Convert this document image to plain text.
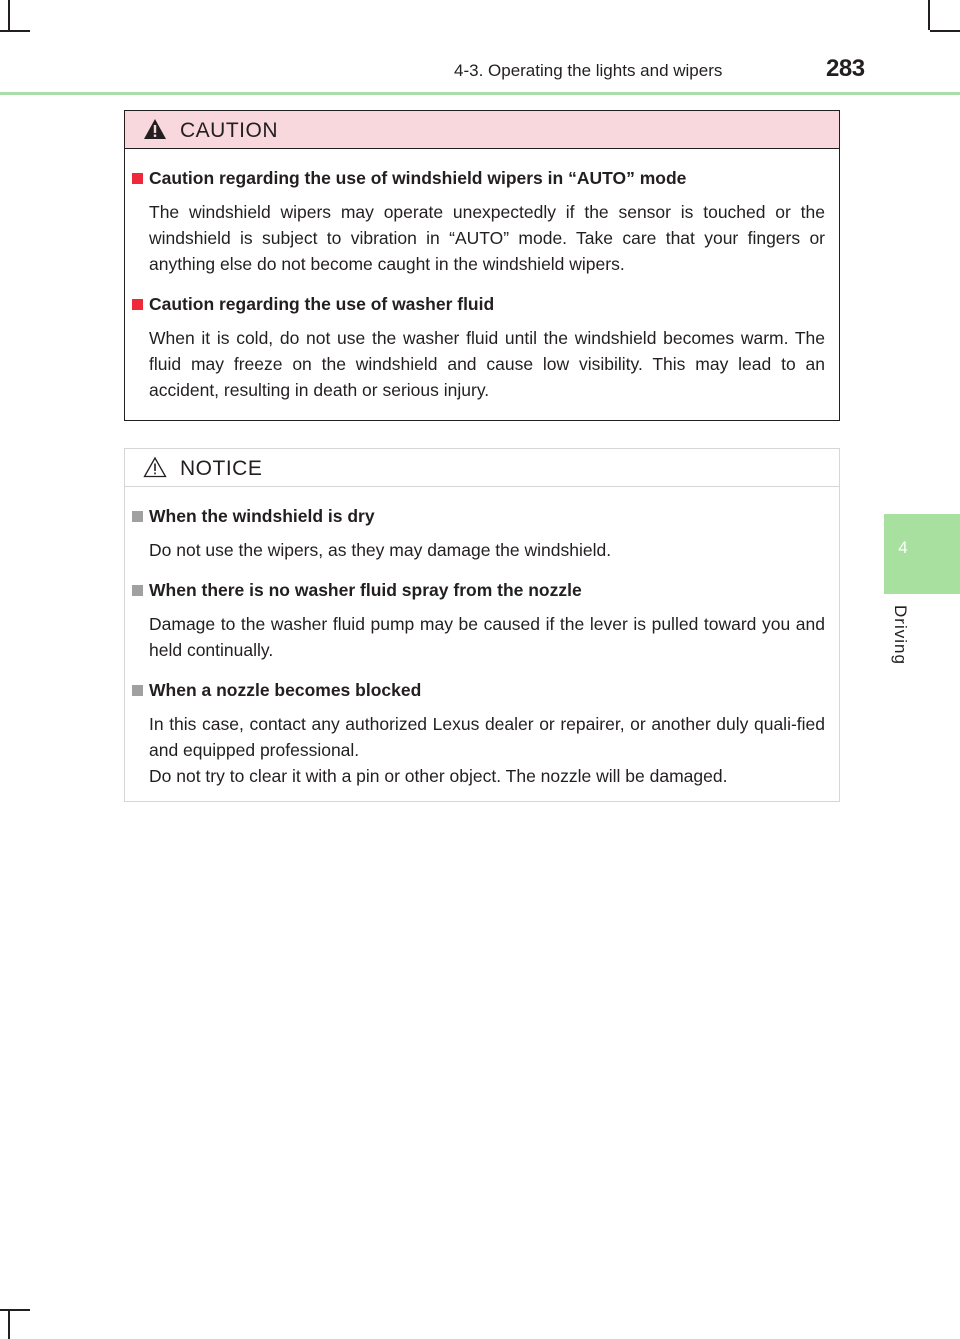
4-3. Operating the lights and wipers	283
4
Driving
CAUTION
Caution regarding the use of windshield wipers in “AUTO” mode

The windshield wipers may operate unexpectedly if the sensor is touched or the windshield is subject to vibration in “AUTO” mode. Take care that your fingers or anything else do not become caught in the windshield wipers.

Caution regarding the use of washer fluid

When it is cold, do not use the washer fluid until the windshield becomes warm. The fluid may freeze on the windshield and cause low visibility. This may lead to an accident, resulting in death or serious injury.

NOTICE
When the windshield is dry

Do not use the wipers, as they may damage the windshield.

When there is no washer fluid spray from the nozzle

Damage to the washer fluid pump may be caused if the lever is pulled toward you and held continually.

When a nozzle becomes blocked

In this case, contact any authorized Lexus dealer or repairer, or another duly quali-fied and equipped professional.

Do not try to clear it with a pin or other object. The nozzle will be damaged.
